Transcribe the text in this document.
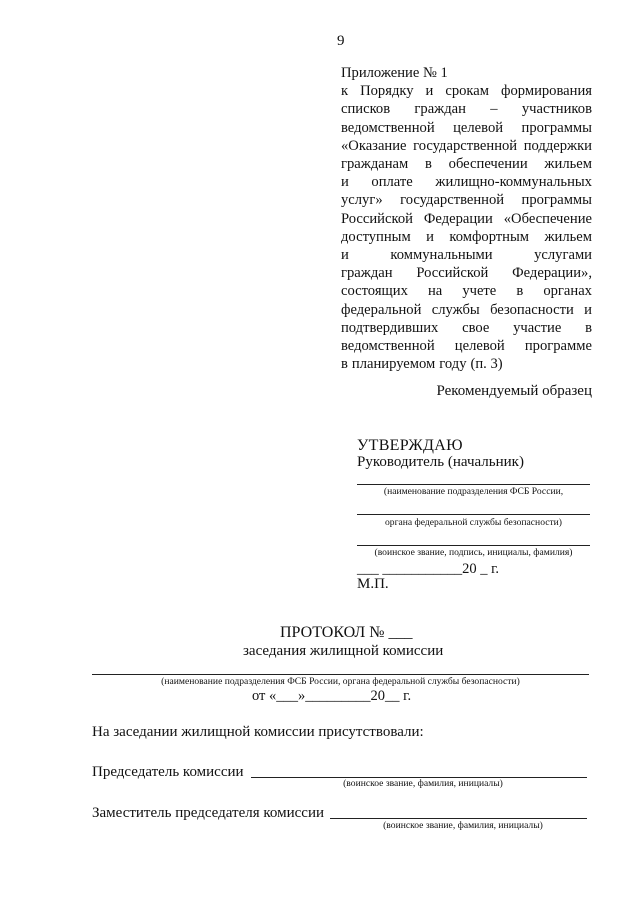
9
Приложение № 1
к Порядку и срокам формирования
списков граждан – участников
ведомственной целевой программы
«Оказание государственной поддержки
гражданам в обеспечении жильем
и оплате жилищно-коммунальных
услуг» государственной программы
Российской Федерации «Обеспечение
доступным и комфортным жильем
и	коммунальными	услугами
граждан Российской Федерации»,
состоящих на учете в органах
федеральной службы безопасности и
подтвердивших свое участие в
ведомственной целевой программе
в планируемом году (п. 3)
Рекомендуемый образец
УТВЕРЖДАЮ
Руководитель (начальник)
(наименование подразделения ФСБ России,
органа федеральной службы безопасности)
(воинское звание, подпись, инициалы, фамилия)
___ ___________20 _ г.
М.П.
ПРОТОКОЛ № ___
заседания жилищной комиссии
(наименование подразделения ФСБ России, органа федеральной службы безопасности)
от «___»_________20__ г.
На заседании жилищной комиссии присутствовали:
Председатель комиссии
(воинское звание, фамилия, инициалы)
Заместитель председателя комиссии
(воинское звание, фамилия, инициалы)
